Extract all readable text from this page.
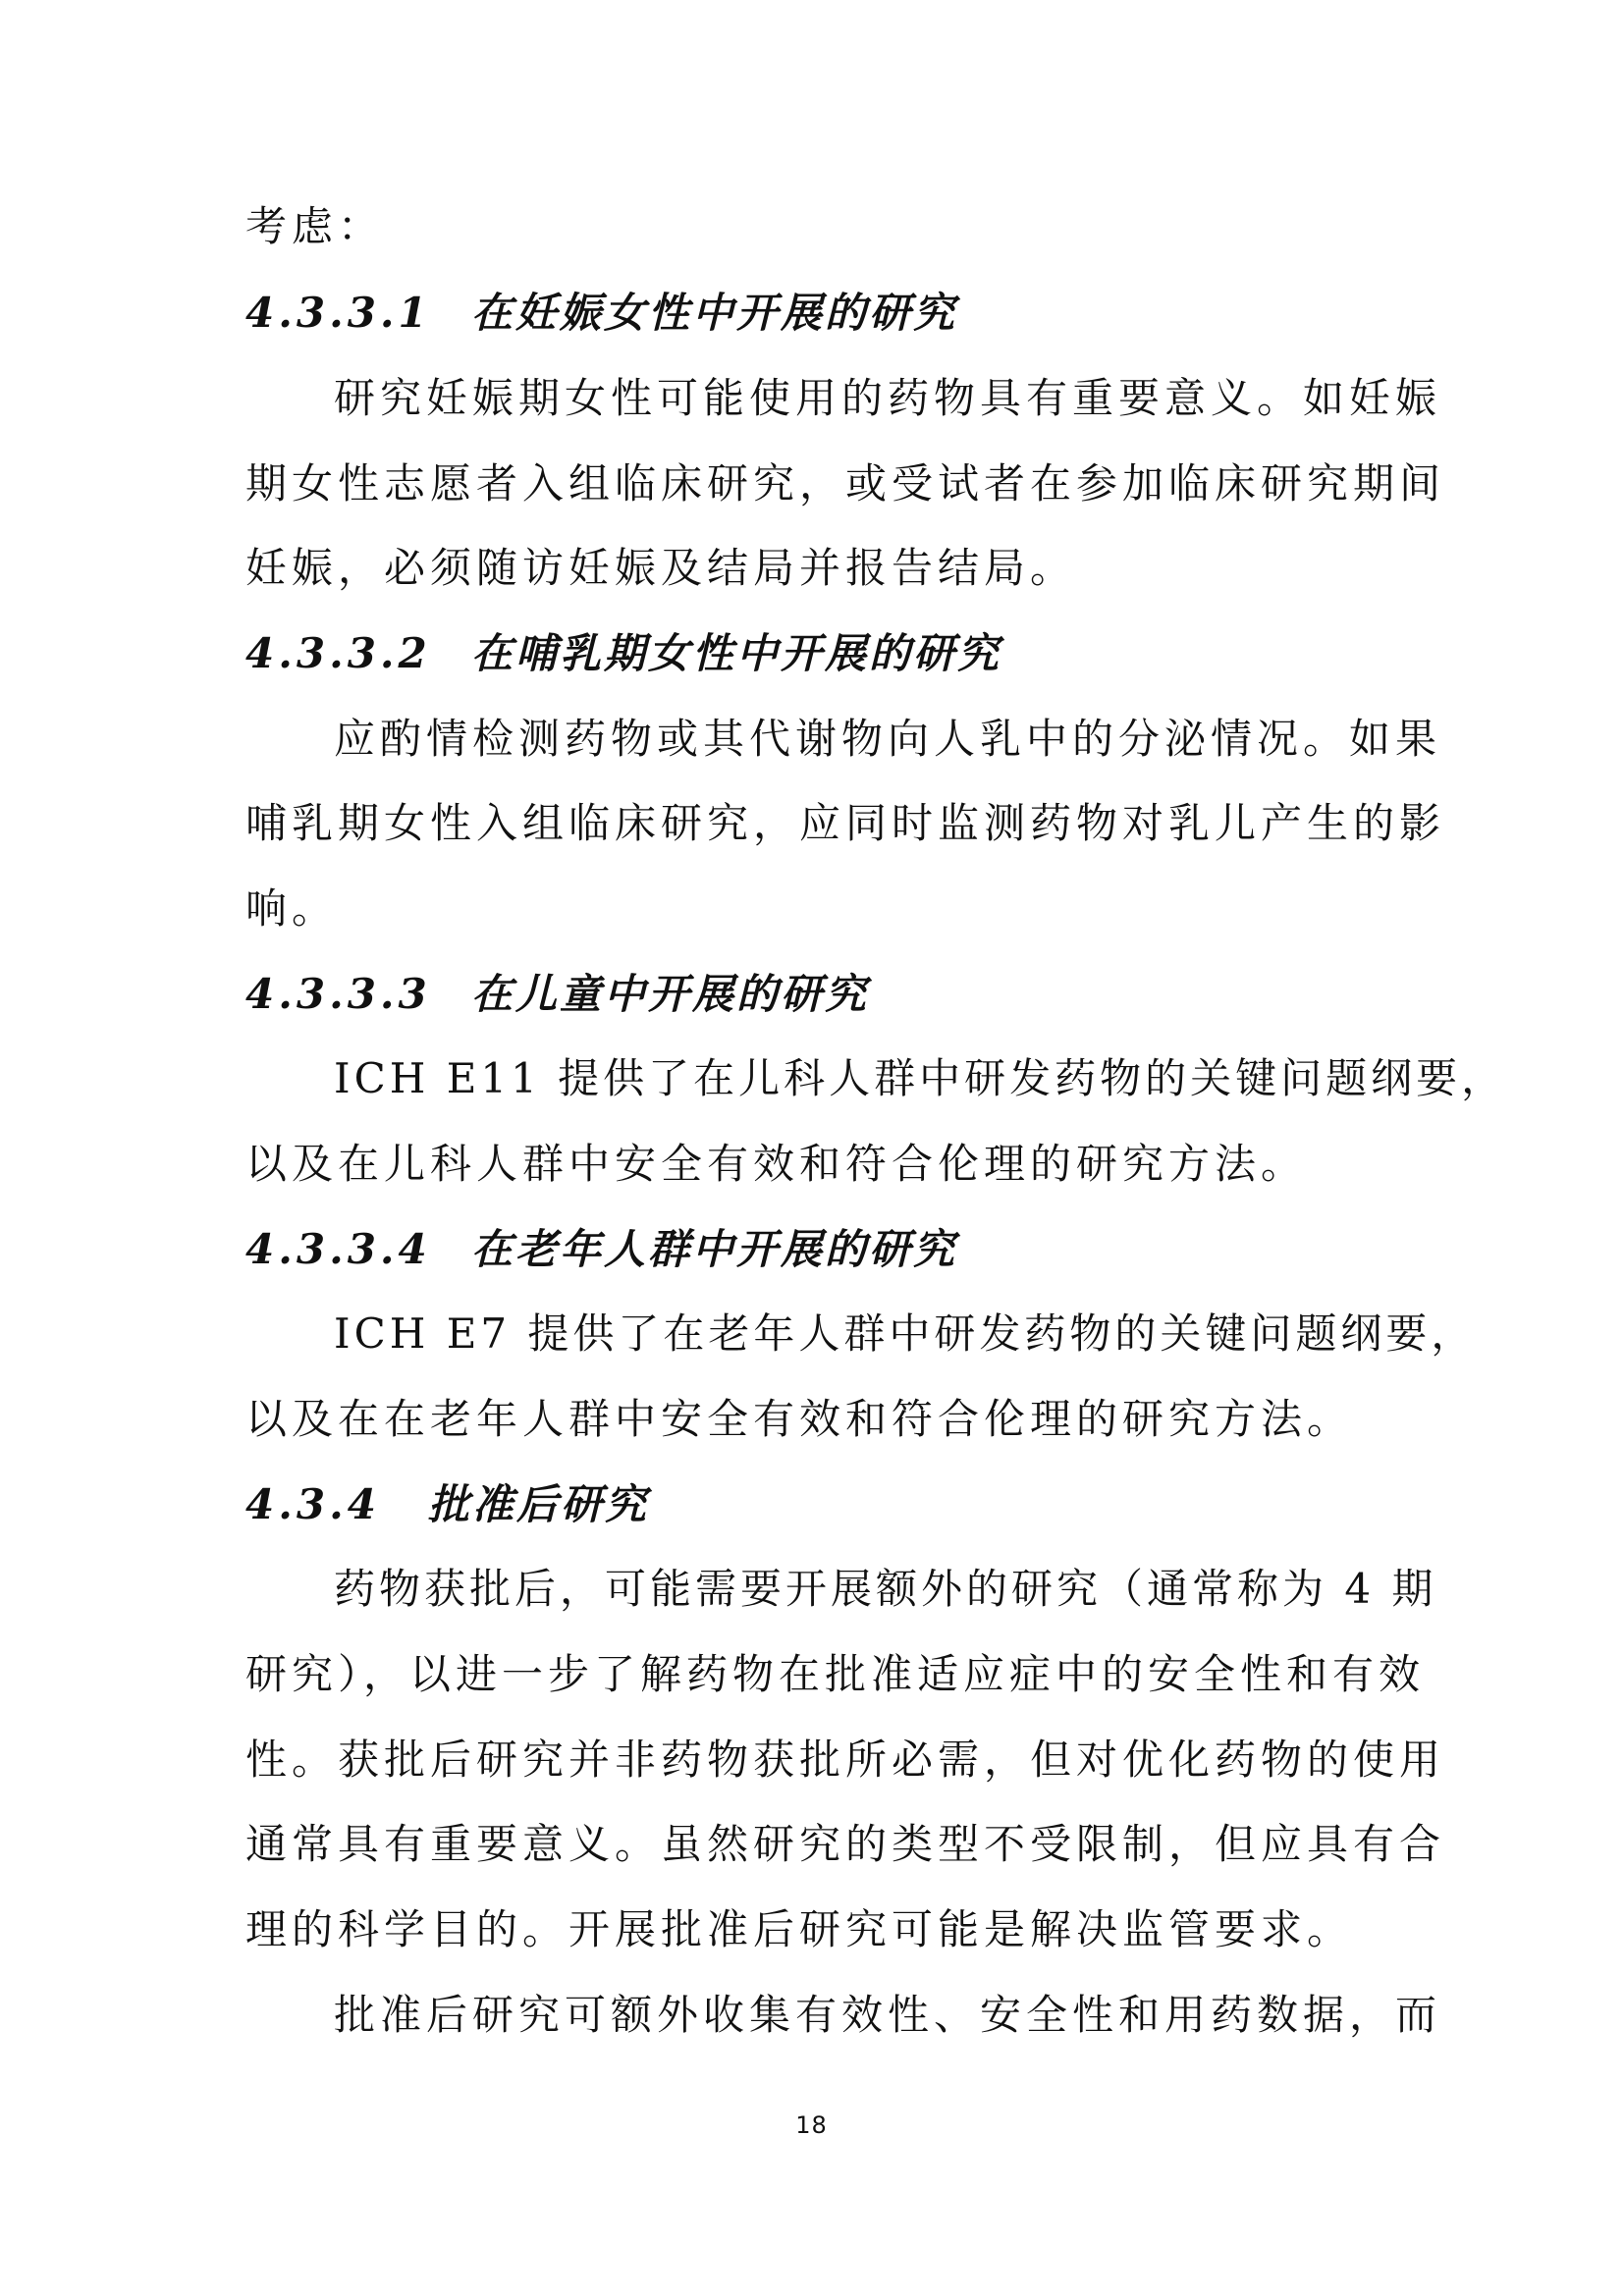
考虑：
4.3.3.1 在妊娠女性中开展的研究
研究妊娠期女性可能使用的药物具有重要意义。如妊娠
期女性志愿者入组临床研究，或受试者在参加临床研究期间
妊娠，必须随访妊娠及结局并报告结局。
4.3.3.2 在哺乳期女性中开展的研究
应酌情检测药物或其代谢物向人乳中的分泌情况。如果
哺乳期女性入组临床研究，应同时监测药物对乳儿产生的影
响。
4.3.3.3 在儿童中开展的研究
ICH E11 提供了在儿科人群中研发药物的关键问题纲要，
以及在儿科人群中安全有效和符合伦理的研究方法。
4.3.3.4 在老年人群中开展的研究
ICH E7 提供了在老年人群中研发药物的关键问题纲要，
以及在在老年人群中安全有效和符合伦理的研究方法。
4.3.4 批准后研究
药物获批后，可能需要开展额外的研究（通常称为 4 期
研究），以进一步了解药物在批准适应症中的安全性和有效
性。获批后研究并非药物获批所必需，但对优化药物的使用
通常具有重要意义。虽然研究的类型不受限制，但应具有合
理的科学目的。开展批准后研究可能是解决监管要求。
批准后研究可额外收集有效性、安全性和用药数据，而
18
